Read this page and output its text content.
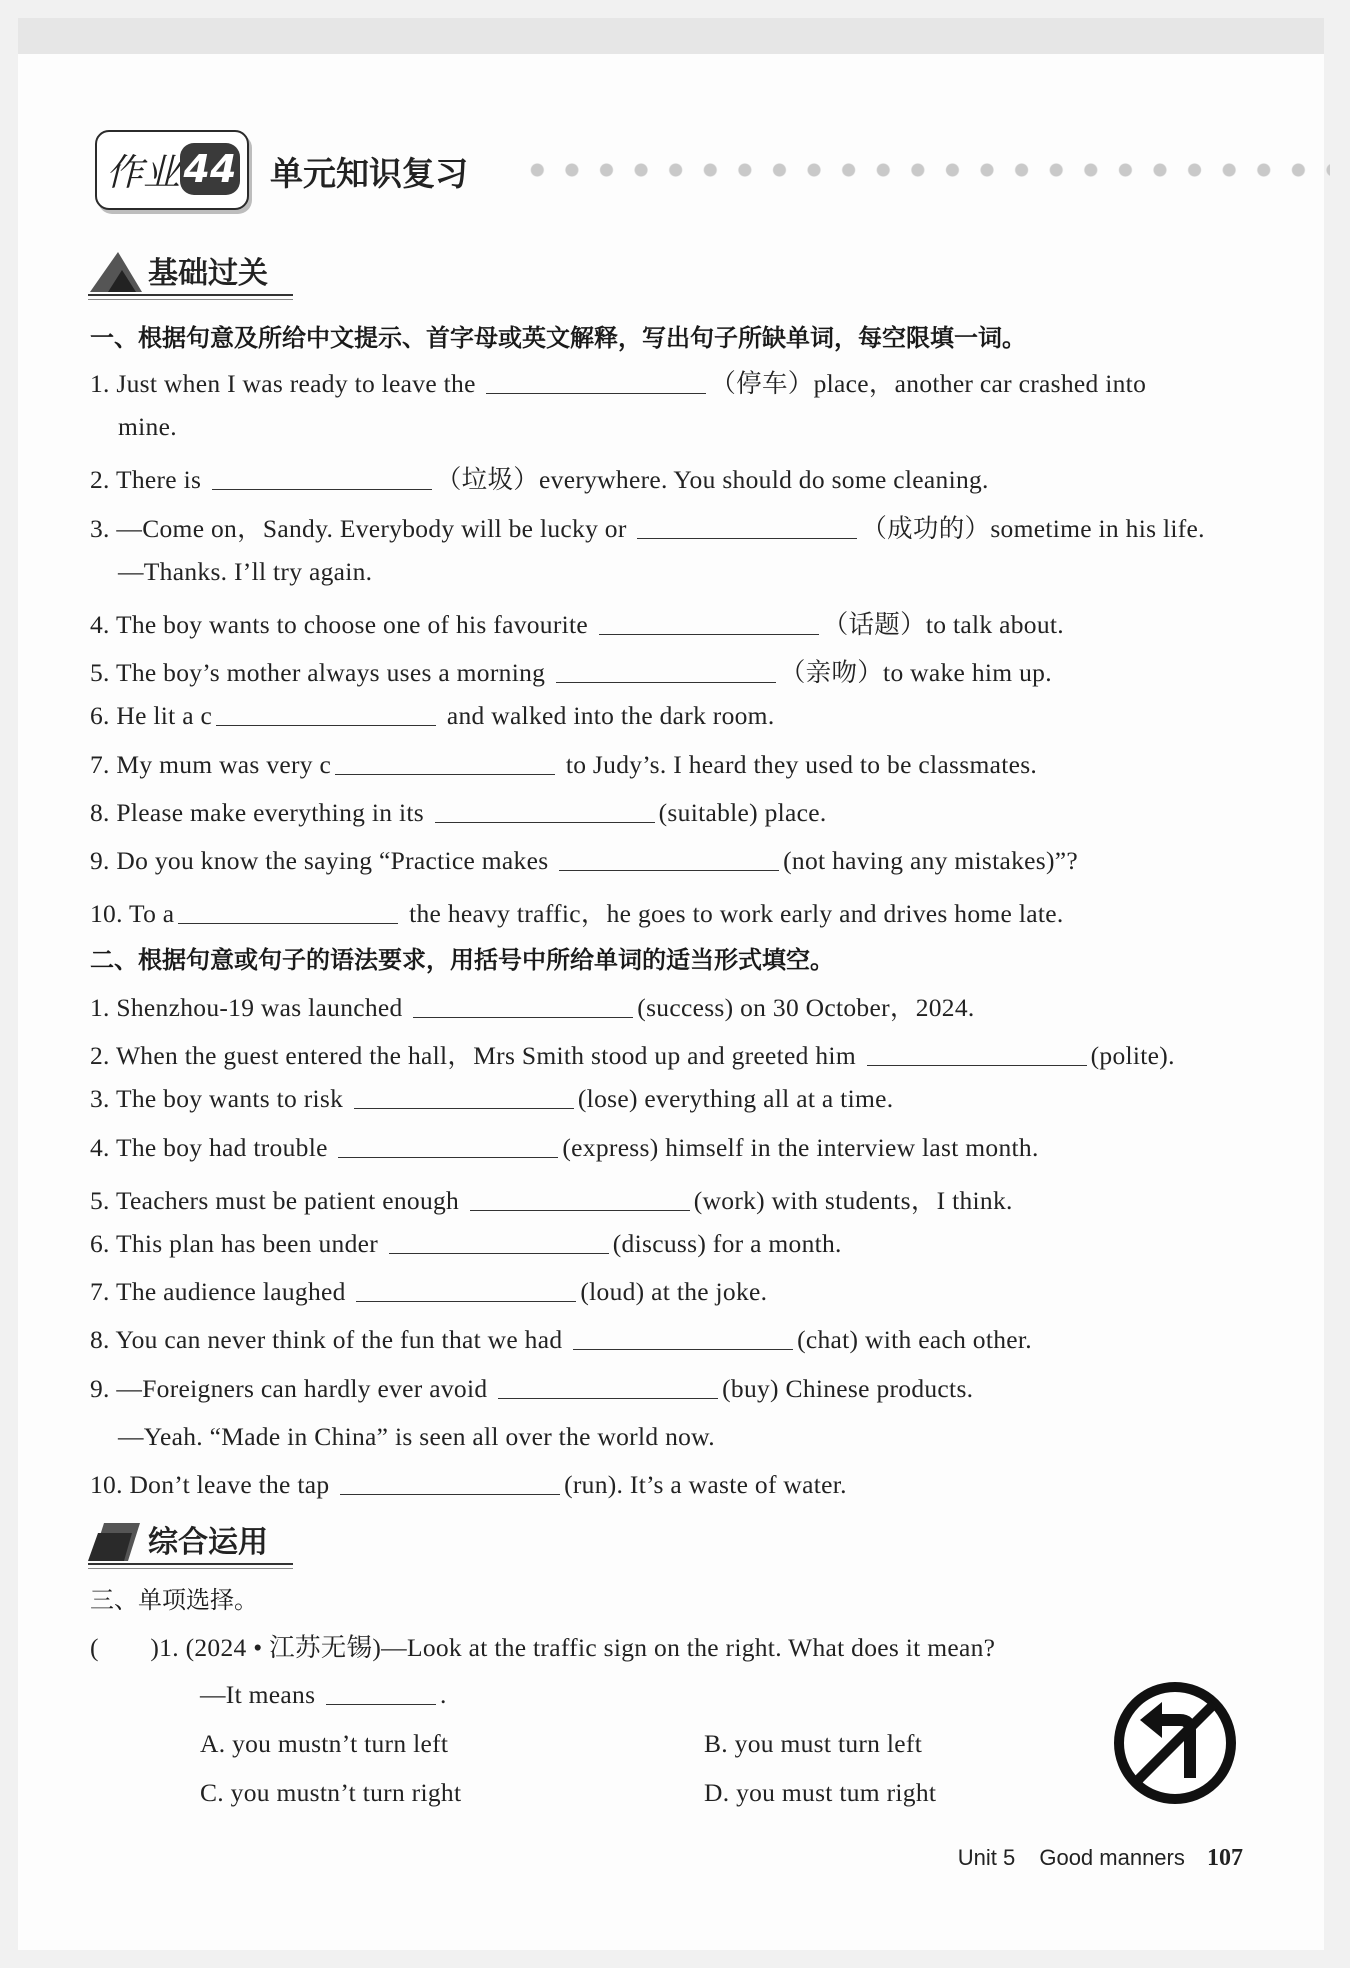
作业 44 单元知识复习
基础过关
一、根据句意及所给中文提示、首字母或英文解释，写出句子所缺单词，每空限填一词。
1. Just when I was ready to leave the	（停车）place，another car crashed into
mine.
2. There is	（垃圾）everywhere. You should do some cleaning.
3. —Come on，Sandy. Everybody will be lucky or	（成功的）sometime in his life.
—Thanks. I’ll try again.
4. The boy wants to choose one of his favourite	（话题）to talk about.
5. The boy’s mother always uses a morning	（亲吻）to wake him up.
6. He lit a c	and walked into the dark room.
7. My mum was very c	to Judy’s. I heard they used to be classmates.
8. Please make everything in its	(suitable) place.
9. Do you know the saying “Practice makes	(not having any mistakes)”?
10. To a	the heavy traffic，he goes to work early and drives home late.
二、根据句意或句子的语法要求，用括号中所给单词的适当形式填空。
1. Shenzhou-19 was launched	(success) on 30 October，2024.
2. When the guest entered the hall，Mrs Smith stood up and greeted him	(polite).
3. The boy wants to risk	(lose) everything all at a time.
4. The boy had trouble	(express) himself in the interview last month.
5. Teachers must be patient enough	(work) with students，I think.
6. This plan has been under	(discuss) for a month.
7. The audience laughed	(loud) at the joke.
8. You can never think of the fun that we had	(chat) with each other.
9. —Foreigners can hardly ever avoid	(buy) Chinese products.
—Yeah. “Made in China” is seen all over the world now.
10. Don’t leave the tap	(run). It’s a waste of water.
综合运用
三、单项选择。
(　　)1. (2024 • 江苏无锡)—Look at the traffic sign on the right. What does it mean?
—It means	.
A. you mustn’t turn left	B. you must turn left
C. you mustn’t turn right	D. you must tum right
Unit 5 Good manners 107
